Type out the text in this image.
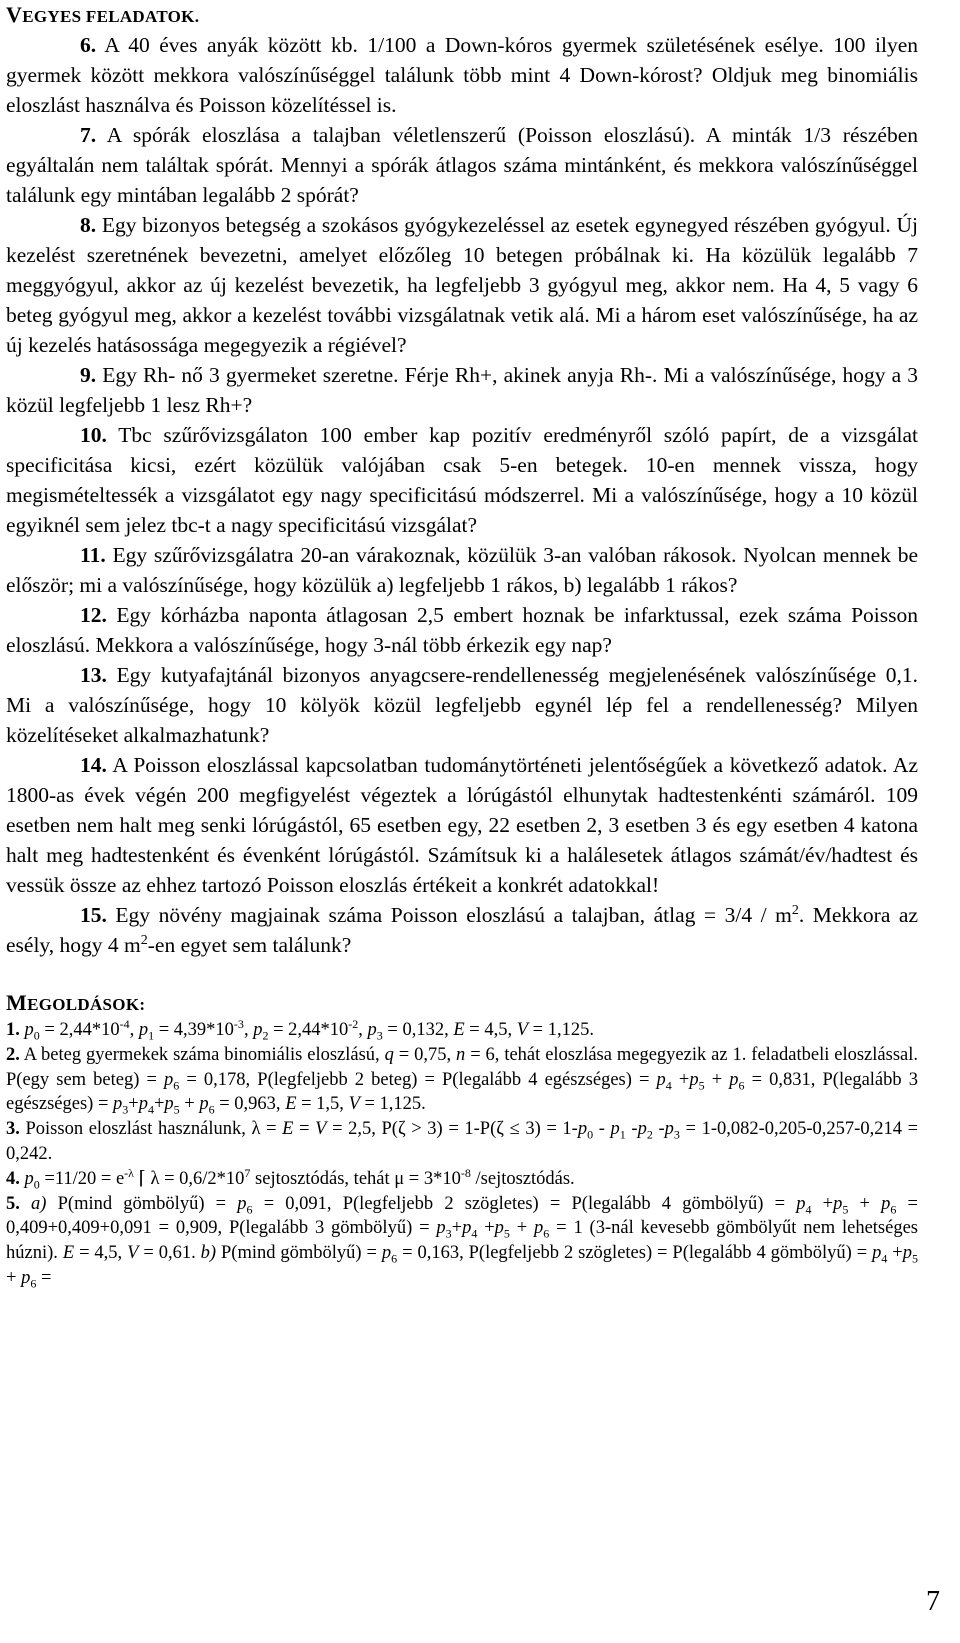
VEGYES FELADATOK.

6. A 40 éves anyák között kb. 1/100 a Down-kóros gyermek születésének esélye. 100 ilyen gyermek között mekkora valószínűséggel találunk több mint 4 Down-kórost? Oldjuk meg binomiális eloszlást használva és Poisson közelítéssel is.

7. A spórák eloszlása a talajban véletlenszerű (Poisson eloszlású). A minták 1/3 részében egyáltalán nem találtak spórát. Mennyi a spórák átlagos száma mintánként, és mekkora valószínűséggel találunk egy mintában legalább 2 spórát?

8. Egy bizonyos betegség a szokásos gyógykezeléssel az esetek egynegyed részében gyógyul. Új kezelést szeretnének bevezetni, amelyet előzőleg 10 betegen próbálnak ki. Ha közülük legalább 7 meggyógyul, akkor az új kezelést bevezetik, ha legfeljebb 3 gyógyul meg, akkor nem. Ha 4, 5 vagy 6 beteg gyógyul meg, akkor a kezelést további vizsgálatnak vetik alá. Mi a három eset valószínűsége, ha az új kezelés hatásossága megegyezik a régiével?

9. Egy Rh- nő 3 gyermeket szeretne. Férje Rh+, akinek anyja Rh-. Mi a valószínűsége, hogy a 3 közül legfeljebb 1 lesz Rh+?

10. Tbc szűrővizsgálaton 100 ember kap pozitív eredményről szóló papírt, de a vizsgálat specificitása kicsi, ezért közülük valójában csak 5-en betegek. 10-en mennek vissza, hogy megismételtessék a vizsgálatot egy nagy specificitású módszerrel. Mi a valószínűsége, hogy a 10 közül egyiknél sem jelez tbc-t a nagy specificitású vizsgálat?

11. Egy szűrővizsgálatra 20-an várakoznak, közülük 3-an valóban rákosok. Nyolcan mennek be először; mi a valószínűsége, hogy közülük a) legfeljebb 1 rákos, b) legalább 1 rákos?

12. Egy kórházba naponta átlagosan 2,5 embert hoznak be infarktussal, ezek száma Poisson eloszlású. Mekkora a valószínűsége, hogy 3-nál több érkezik egy nap?

13. Egy kutyafajtánál bizonyos anyagcsere-rendellenesség megjelenésének valószínűsége 0,1. Mi a valószínűsége, hogy 10 kölyök közül legfeljebb egynél lép fel a rendellenesség? Milyen közelítéseket alkalmazhatunk?

14. A Poisson eloszlással kapcsolatban tudománytörténeti jelentőségűek a következő adatok. Az 1800-as évek végén 200 megfigyelést végeztek a lórúgástól elhunytak hadtestenkénti számáról. 109 esetben nem halt meg senki lórúgástól, 65 esetben egy, 22 esetben 2, 3 esetben 3 és egy esetben 4 katona halt meg hadtestenként és évenként lórúgástól. Számítsuk ki a halálesetek átlagos számát/év/hadtest és vessük össze az ehhez tartozó Poisson eloszlás értékeit a konkrét adatokkal!

15. Egy növény magjainak száma Poisson eloszlású a talajban, átlag = $3/4 / m^2$. Mekkora az esély, hogy 4 $m^2-en$ egyet sem találunk?

MEGOLDÁSOK:

1. $p_0 = 2,44*10^{-4}$, $p_1 = 4,39*10^{-3}$, $p_2 = 2,44*10^{-2}$, $p_3 = 0,132$, E = 4,5, V = 1,125.

2. A beteg gyermekek száma binomiális eloszlású, q = 0,75, n = 6, tehát eloszlása megegyezik az 1. feladatbeli eloszlással. P(egy sem beteg) = $p_6 = 0,178$, P(legfeljebb 2 beteg) = P(legalább 4 egészséges) = $p_4 +p_5 + p_6 = 0,831$, P(legalább 3 egészséges) = $p_3+p_4+p_5 + p_6 = 0,963$, E = 1,5, V = 1,125.

3. Poisson eloszlást használunk, λ = E = V = 2,5, $P(\zeta > 3) = 1-P(\zeta \le 3) = 1-p_0 - p_1$ $-p_2$ $-p_3 = 1-0,082-0,205-0,257-0,214 = 0,242$.

4. $p_0 =11/20 = e^{-\lambda}$ ⌈ $\lambda = 0,6/2*10^7$ sejtosztódás, tehát $\mu = 3*10^{-8}$ /sejtosztódás.

5. a) P(mind gömbölyű) = $p_6 = 0,091$, P(legfeljebb 2 szögletes) = P(legalább 4 gömbölyű) = $p_4 +p_5 + p_6 = 0,409+0,409+0,091 = 0,909$, P(legalább 3 gömbölyű) = $p_3+p_4 +p_5 + p_6 = 1$ (3-nál kevesebb gömbölyűt nem lehetséges húzni). E = 4,5, V = 0,61. b) P(mind gömbölyű) = $p_6 = 0,163$, P(legfeljebb 2 szögletes) = P(legalább 4 gömbölyű) = $p_4 +p_5 + p_6$ =

7
